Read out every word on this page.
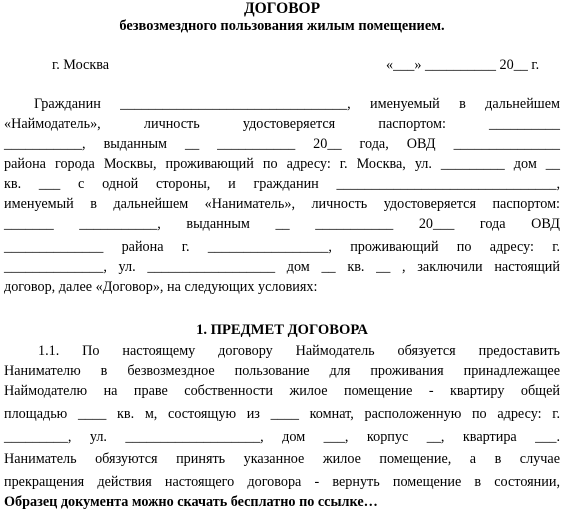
ДОГОВОР
безвозмездного пользования жилым помещением.
г. Москва	«___» __________ 20__ г.
Гражданин ________________________________, именуемый в дальнейшем
«Наймодатель», личность удостоверяется паспортом: __________
___________, выданным __ ___________ 20__ года, ОВД _______________
района города Москвы, проживающий по адресу: г. Москва, ул. _________ дом __
кв. ___ с одной стороны, и гражданин _______________________________,
именуемый в дальнейшем «Наниматель», личность удостоверяется паспортом:
_______ ___________, выданным __ ___________ 20___ года ОВД
______________ района г. _________________, проживающий по адресу: г.
______________, ул. __________________ дом __ кв. __ , заключили настоящий
договор, далее «Договор», на следующих условиях:
1. ПРЕДМЕТ ДОГОВОРА
1.1. По настоящему договору Наймодатель обязуется предоставить
Нанимателю в безвозмездное пользование для проживания принадлежащее
Наймодателю на праве собственности жилое помещение - квартиру общей
площадью ____ кв. м, состоящую из ____ комнат, расположенную по адресу: г.
_________, ул. ___________________, дом ___, корпус __, квартира ___.
Наниматель обязуются принять указанное жилое помещение, а в случае
прекращения действия настоящего договора - вернуть помещение в состоянии,
Образец документа можно скачать бесплатно по ссылке…
